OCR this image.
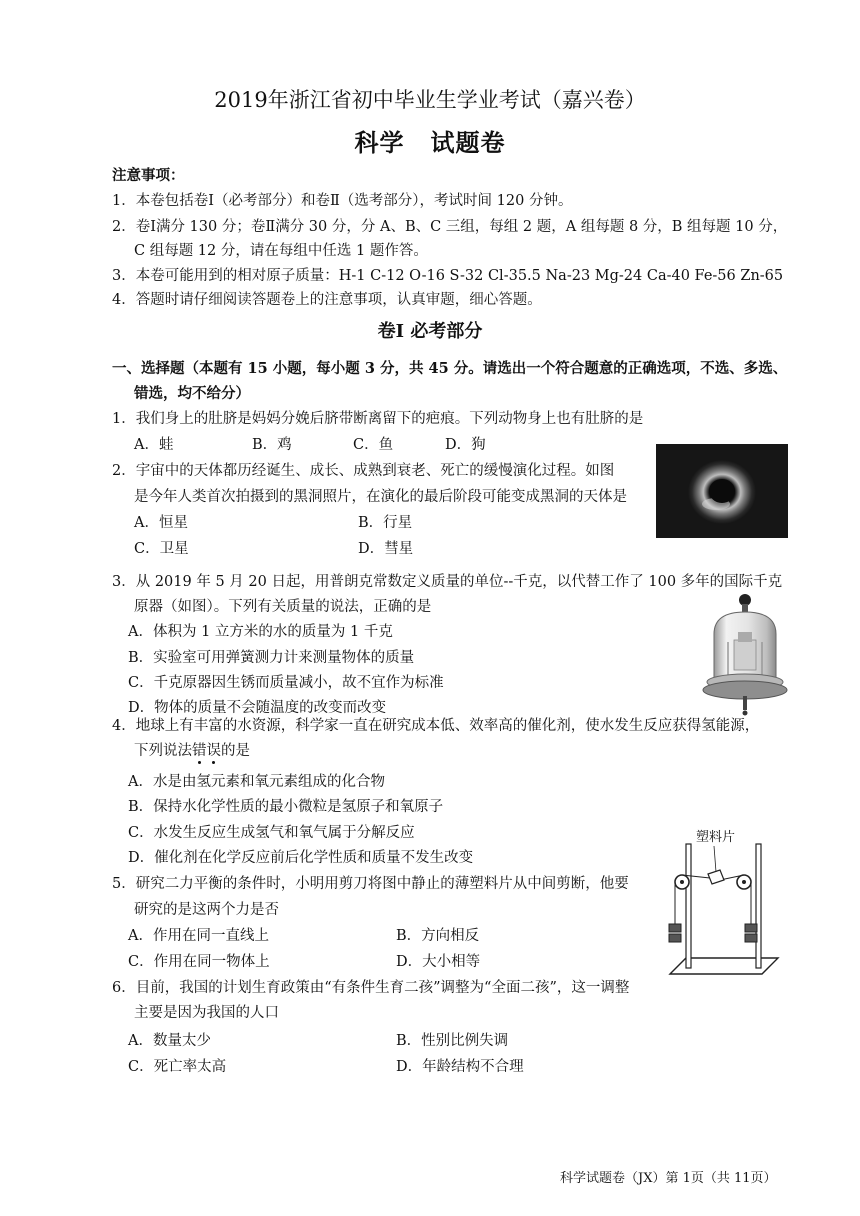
2019年浙江省初中毕业生学业考试（嘉兴卷）
科学 试题卷
注意事项：
1．本卷包括卷Ⅰ（必考部分）和卷Ⅱ（选考部分），考试时间 120 分钟。
2．卷Ⅰ满分 130 分；卷Ⅱ满分 30 分，分 A、B、C 三组，每组 2 题，A 组每题 8 分，B 组每题 10 分，
C 组每题 12 分，请在每组中任选 1 题作答。
3．本卷可能用到的相对原子质量：H-1 C-12 O-16 S-32 Cl-35.5 Na-23 Mg-24 Ca-40 Fe-56 Zn-65
4．答题时请仔细阅读答题卷上的注意事项，认真审题，细心答题。
卷Ⅰ 必考部分
一、选择题（本题有 15 小题，每小题 3 分，共 45 分。请选出一个符合题意的正确选项，不选、多选、
错选，均不给分）
1．我们身上的肚脐是妈妈分娩后脐带断离留下的疤痕。下列动物身上也有肚脐的是
A．蛙	B．鸡	C．鱼	D．狗
2．宇宙中的天体都历经诞生、成长、成熟到衰老、死亡的缓慢演化过程。如图
是今年人类首次拍摄到的黑洞照片，在演化的最后阶段可能变成黑洞的天体是
A．恒星	B．行星
C．卫星	D．彗星
3．从 2019 年 5 月 20 日起，用普朗克常数定义质量的单位--千克，以代替工作了 100 多年的国际千克
原器（如图）。下列有关质量的说法，正确的是
A．体积为 1 立方米的水的质量为 1 千克
B．实验室可用弹簧测力计来测量物体的质量
C．千克原器因生锈而质量减小，故不宜作为标准
D．物体的质量不会随温度的改变而改变
4．地球上有丰富的水资源，科学家一直在研究成本低、效率高的催化剂，使水发生反应获得氢能源，
下列说法错误的是
A．水是由氢元素和氧元素组成的化合物
B．保持水化学性质的最小微粒是氢原子和氧原子
C．水发生反应生成氢气和氧气属于分解反应
D．催化剂在化学反应前后化学性质和质量不发生改变
5．研究二力平衡的条件时，小明用剪刀将图中静止的薄塑料片从中间剪断，他要
研究的是这两个力是否
A．作用在同一直线上	B．方向相反
C．作用在同一物体上	D．大小相等
塑料片
6．目前，我国的计划生育政策由“有条件生育二孩”调整为“全面二孩”，这一调整
主要是因为我国的人口
A．数量太少	B．性别比例失调
C．死亡率太高	D．年龄结构不合理
科学试题卷（JX）第 1页（共 11页）
